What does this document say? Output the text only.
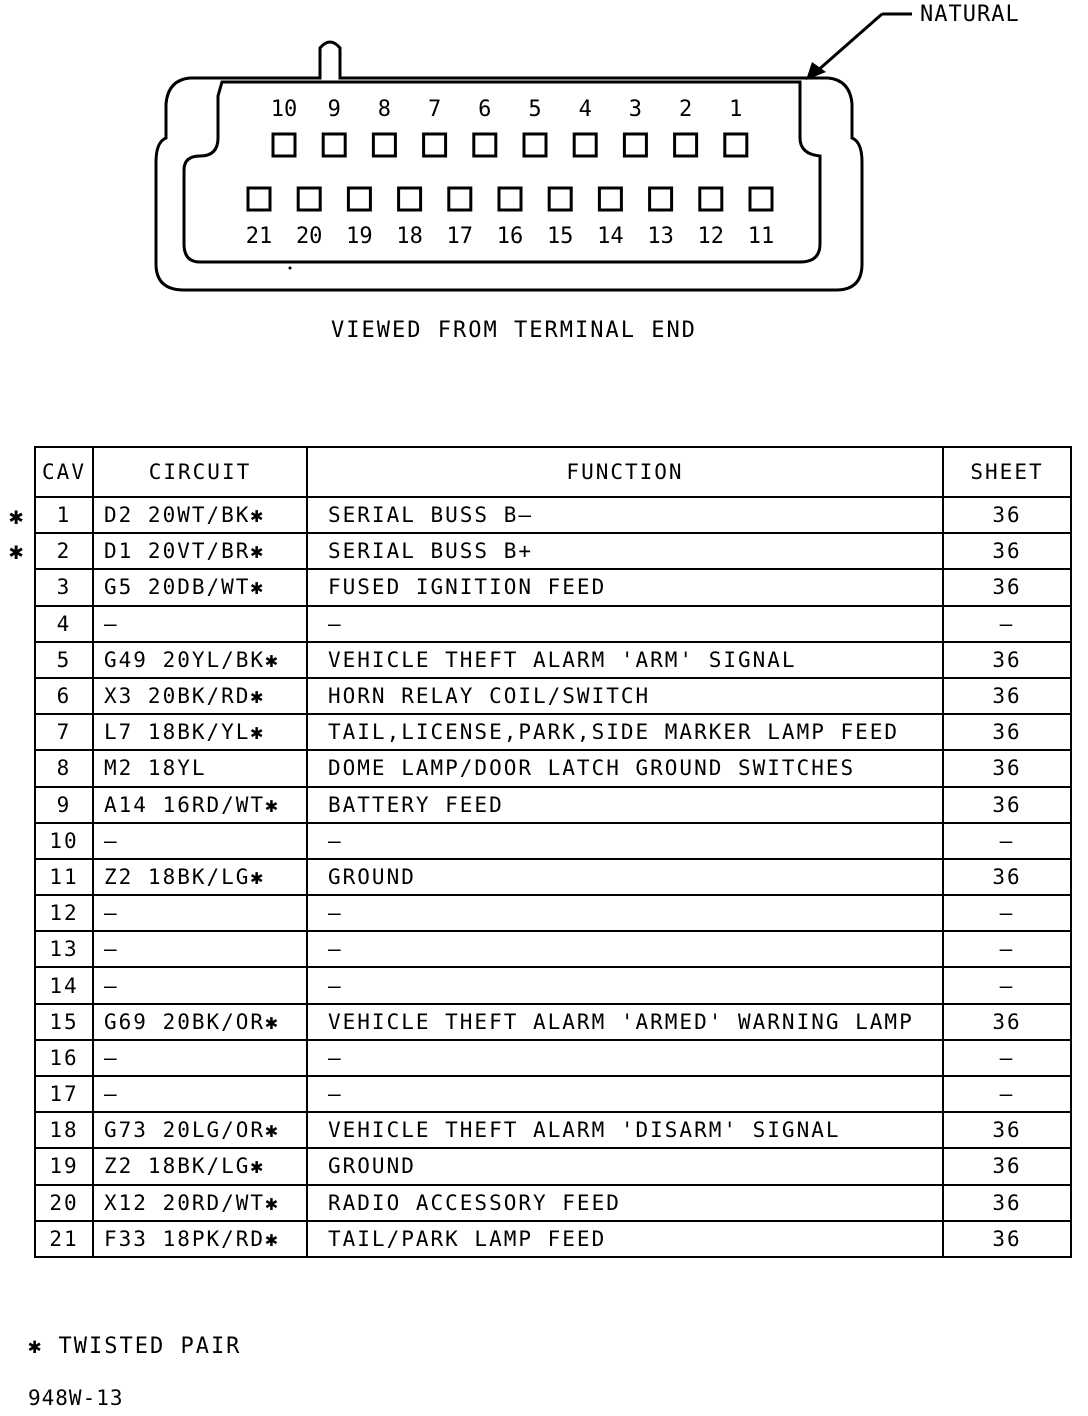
10 9 8 7 6 5 4 3 2 1
21 20 19 18 17 16 15 14 13 12 11
NATURAL
VIEWED FROM TERMINAL END
✱
✱
CAV	CIRCUIT	FUNCTION	SHEET
1	D2 20WT/BK✱	SERIAL BUSS B—	36
2	D1 20VT/BR✱	SERIAL BUSS B+	36
3	G5 20DB/WT✱	FUSED IGNITION FEED	36
4	—	—	—
5	G49 20YL/BK✱	VEHICLE THEFT ALARM 'ARM' SIGNAL	36
6	X3 20BK/RD✱	HORN RELAY COIL/SWITCH	36
7	L7 18BK/YL✱	TAIL,LICENSE,PARK,SIDE MARKER LAMP FEED	36
8	M2 18YL	DOME LAMP/DOOR LATCH GROUND SWITCHES	36
9	A14 16RD/WT✱	BATTERY FEED	36
10	—	—	—
11	Z2 18BK/LG✱	GROUND	36
12	—	—	—
13	—	—	—
14	—	—	—
15	G69 20BK/OR✱	VEHICLE THEFT ALARM 'ARMED' WARNING LAMP	36
16	—	—	—
17	—	—	—
18	G73 20LG/OR✱	VEHICLE THEFT ALARM 'DISARM' SIGNAL	36
19	Z2 18BK/LG✱	GROUND	36
20	X12 20RD/WT✱	RADIO ACCESSORY FEED	36
21	F33 18PK/RD✱	TAIL/PARK LAMP FEED	36
✱ TWISTED PAIR
948W-13
